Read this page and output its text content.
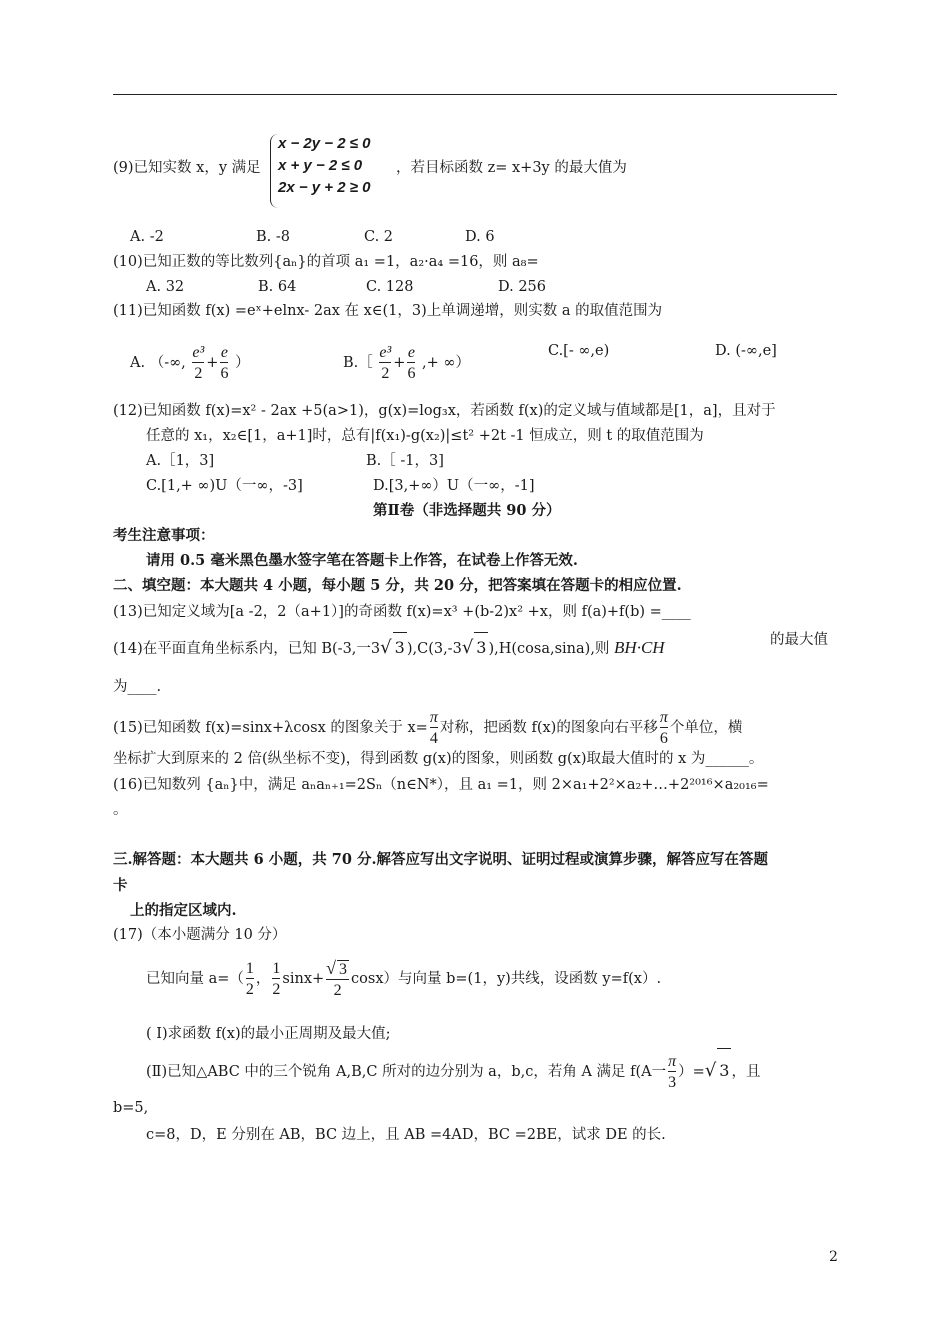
(9)已知实数 x，y 满足
x − 2y − 2 ≤ 0
x + y − 2 ≤ 0
2x − y + 2 ≥ 0
，若目标函数 z= x+3y 的最大值为
A. -2	B. -8	C. 2	D. 6
(10)已知正数的等比数列{aₙ}的首项 a₁ =1，a₂·a₄ =16，则 a₈=
A. 32	B. 64	C. 128	D. 256
(11)已知函数 f(x) =eˣ+elnx- 2ax 在 x∈(1，3)上单调递增，则实数 a 的取值范围为
A. （-∞, $\frac{\text{e³}}{2} + \frac{e}{6}$ ）	B.［ $\frac{\text{e³}}{2} + \frac{e}{6}$ ,+ ∞）
C.[- ∞,e)	D. (-∞,e]
(12)已知函数 f(x)=x² - 2ax +5(a>1)，g(x)=log₃x，若函数 f(x)的定义域与值域都是[1，a]，且对于
任意的 x₁，x₂∈[1，a+1]时，总有|f(x₁)-g(x₂)|≤t² +2t -1 恒成立，则 t 的取值范围为
A.［1，3]	B.［ -1，3]
C.[1,+ ∞)U（一∞，-3]	D.[3,+∞）U（一∞，-1]
第Ⅱ卷（非选择题共 90 分）
考生注意事项：
请用 0.5 毫米黑色墨水签字笔在答题卡上作答，在试卷上作答无效.
二、填空题：本大题共 4 小题，每小题 5 分，共 20 分，把答案填在答题卡的相应位置.
(13)已知定义域为[a -2，2（a+1）]的奇函数 f(x)=x³ +(b-2)x² +x，则 f(a)+f(b) =____
(14)在平面直角坐标系内，已知 B(-3,一3√ 3 ),C(3,-3√ 3 ),H(cosa,sina),则 BH·CH	的最大值
为____.
(15)已知函数 f(x)=sinx+λcosx 的图象关于 $x= \frac{\pi}{4}$ 对称，把函数 f(x)的图象向右平移 $\frac{\pi}{6}$ 个单位，横
坐标扩大到原来的 2 倍(纵坐标不变)，得到函数 g(x)的图象，则函数 g(x)取最大值时的 x 为______。
(16)已知数列 {aₙ}中，满足 aₙaₙ₊₁=2Sₙ（n∈N*），且 a₁ =1，则 2×a₁+2²×a₂+…+2²⁰¹⁶×a₂₀₁₆=
。
三.解答题：本大题共 6 小题，共 70 分.解答应写出文字说明、证明过程或演算步骤，解答应写在答题
卡
上的指定区域内.
(17)（本小题满分 10 分）
已知向量 $a=( \frac{1}{2}$ ， $\frac{1}{2} \sin x+ \frac{√ 3}{2} \cos x$）与向量 b=(1，y)共线，设函数 y=f(x）.
( I)求函数 f(x)的最小正周期及最大值;
(Ⅱ)已知△ABC 中的三个锐角 A,B,C 所对的边分别为 a，b,c，若角 A 满足 f(A一 $\frac{\pi}{3}$ ）=√ 3 ，且
b=5,
c=8，D，E 分别在 AB，BC 边上，且 AB =4AD，BC =2BE，试求 DE 的长.
2
